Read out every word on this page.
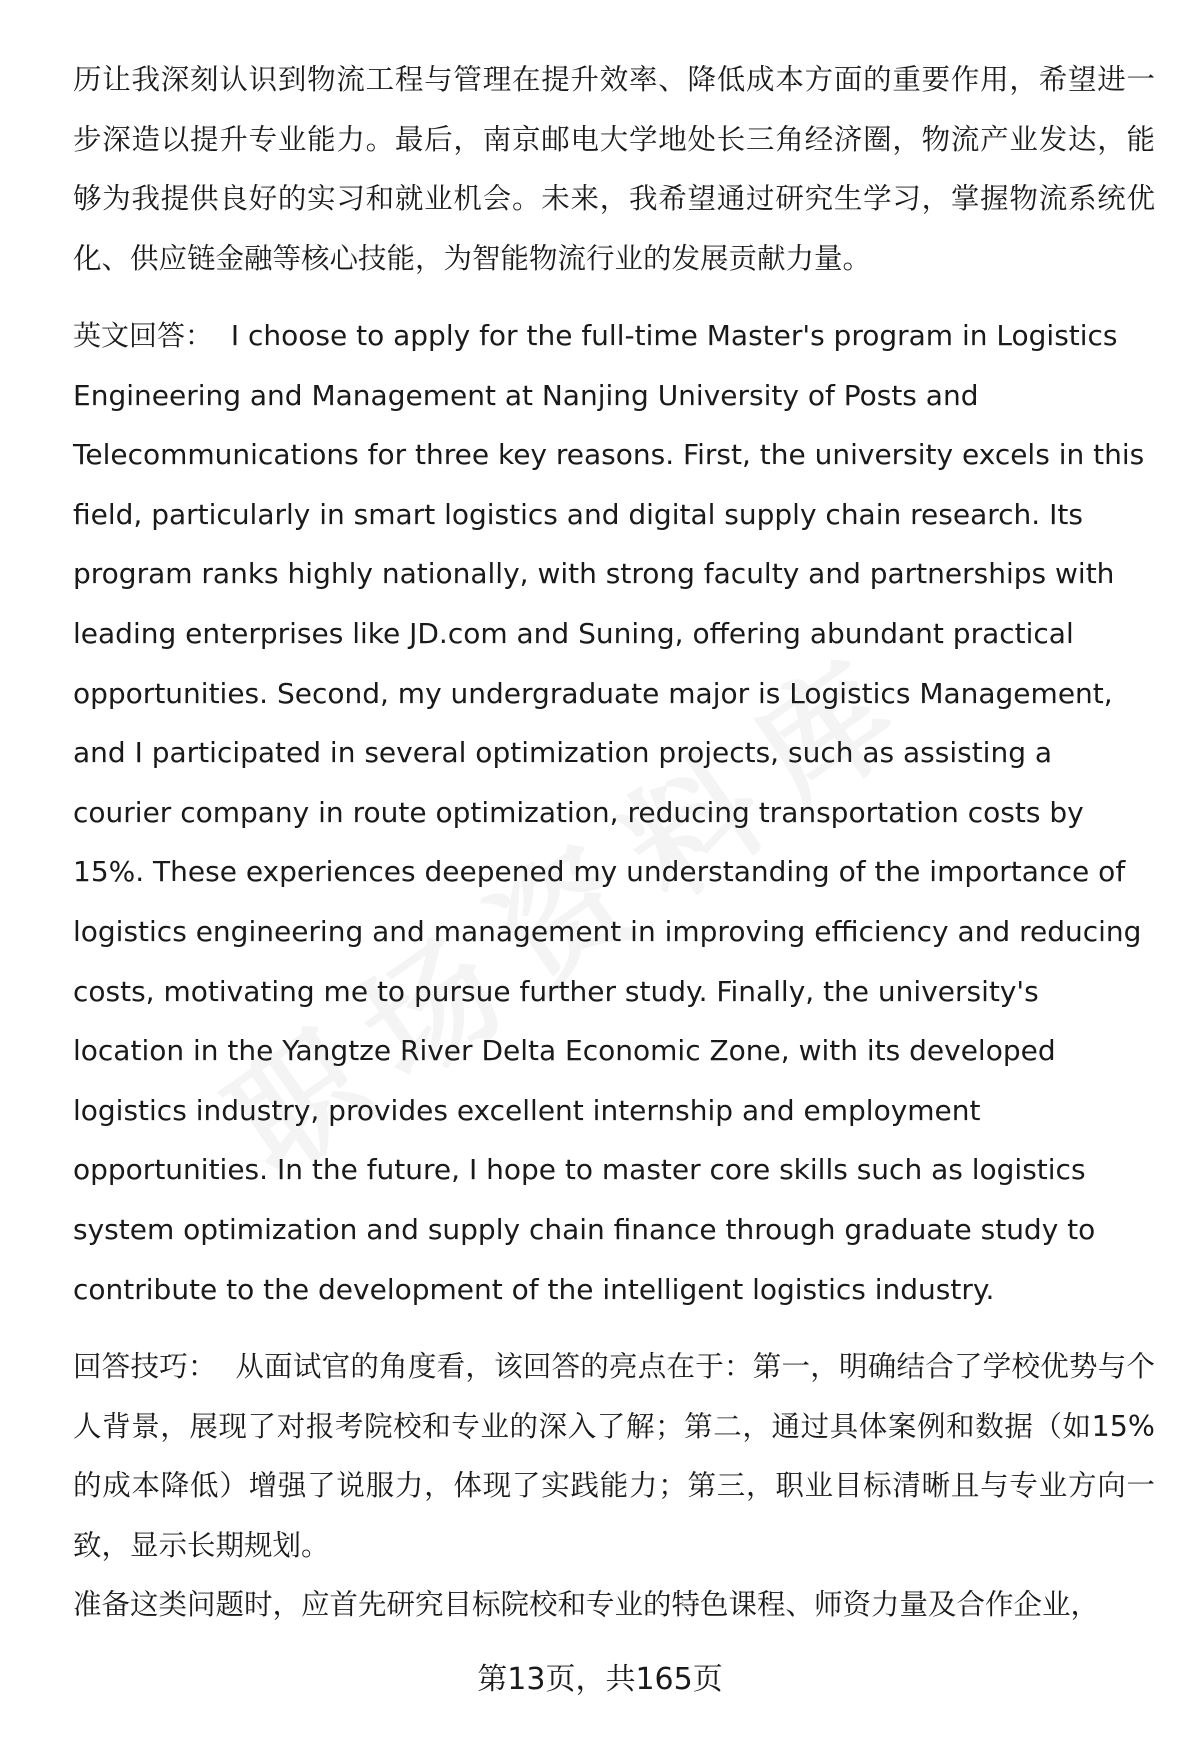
历让我深刻认识到物流工程与管理在提升效率、降低成本方面的重要作用，希望进一步深造以提升专业能力。最后，南京邮电大学地处长三角经济圈，物流产业发达，能够为我提供良好的实习和就业机会。未来，我希望通过研究生学习，掌握物流系统优化、供应链金融等核心技能，为智能物流行业的发展贡献力量。

英文回答： I choose to apply for the full-time Master's program in Logistics Engineering and Management at Nanjing University of Posts and Telecommunications for three key reasons. First, the university excels in this field, particularly in smart logistics and digital supply chain research. Its program ranks highly nationally, with strong faculty and partnerships with leading enterprises like JD.com and Suning, offering abundant practical opportunities. Second, my undergraduate major is Logistics Management, and I participated in several optimization projects, such as assisting a courier company in route optimization, reducing transportation costs by 15%. These experiences deepened my understanding of the importance of logistics engineering and management in improving efficiency and reducing costs, motivating me to pursue further study. Finally, the university's location in the Yangtze River Delta Economic Zone, with its developed logistics industry, provides excellent internship and employment opportunities. In the future, I hope to master core skills such as logistics system optimization and supply chain finance through graduate study to contribute to the development of the intelligent logistics industry.

回答技巧： 从面试官的角度看，该回答的亮点在于：第一，明确结合了学校优势与个人背景，展现了对报考院校和专业的深入了解；第二，通过具体案例和数据（如15%的成本降低）增强了说服力，体现了实践能力；第三，职业目标清晰且与专业方向一致，显示长期规划。

准备这类问题时，应首先研究目标院校和专业的特色课程、师资力量及合作企业，

第13页，共165页
